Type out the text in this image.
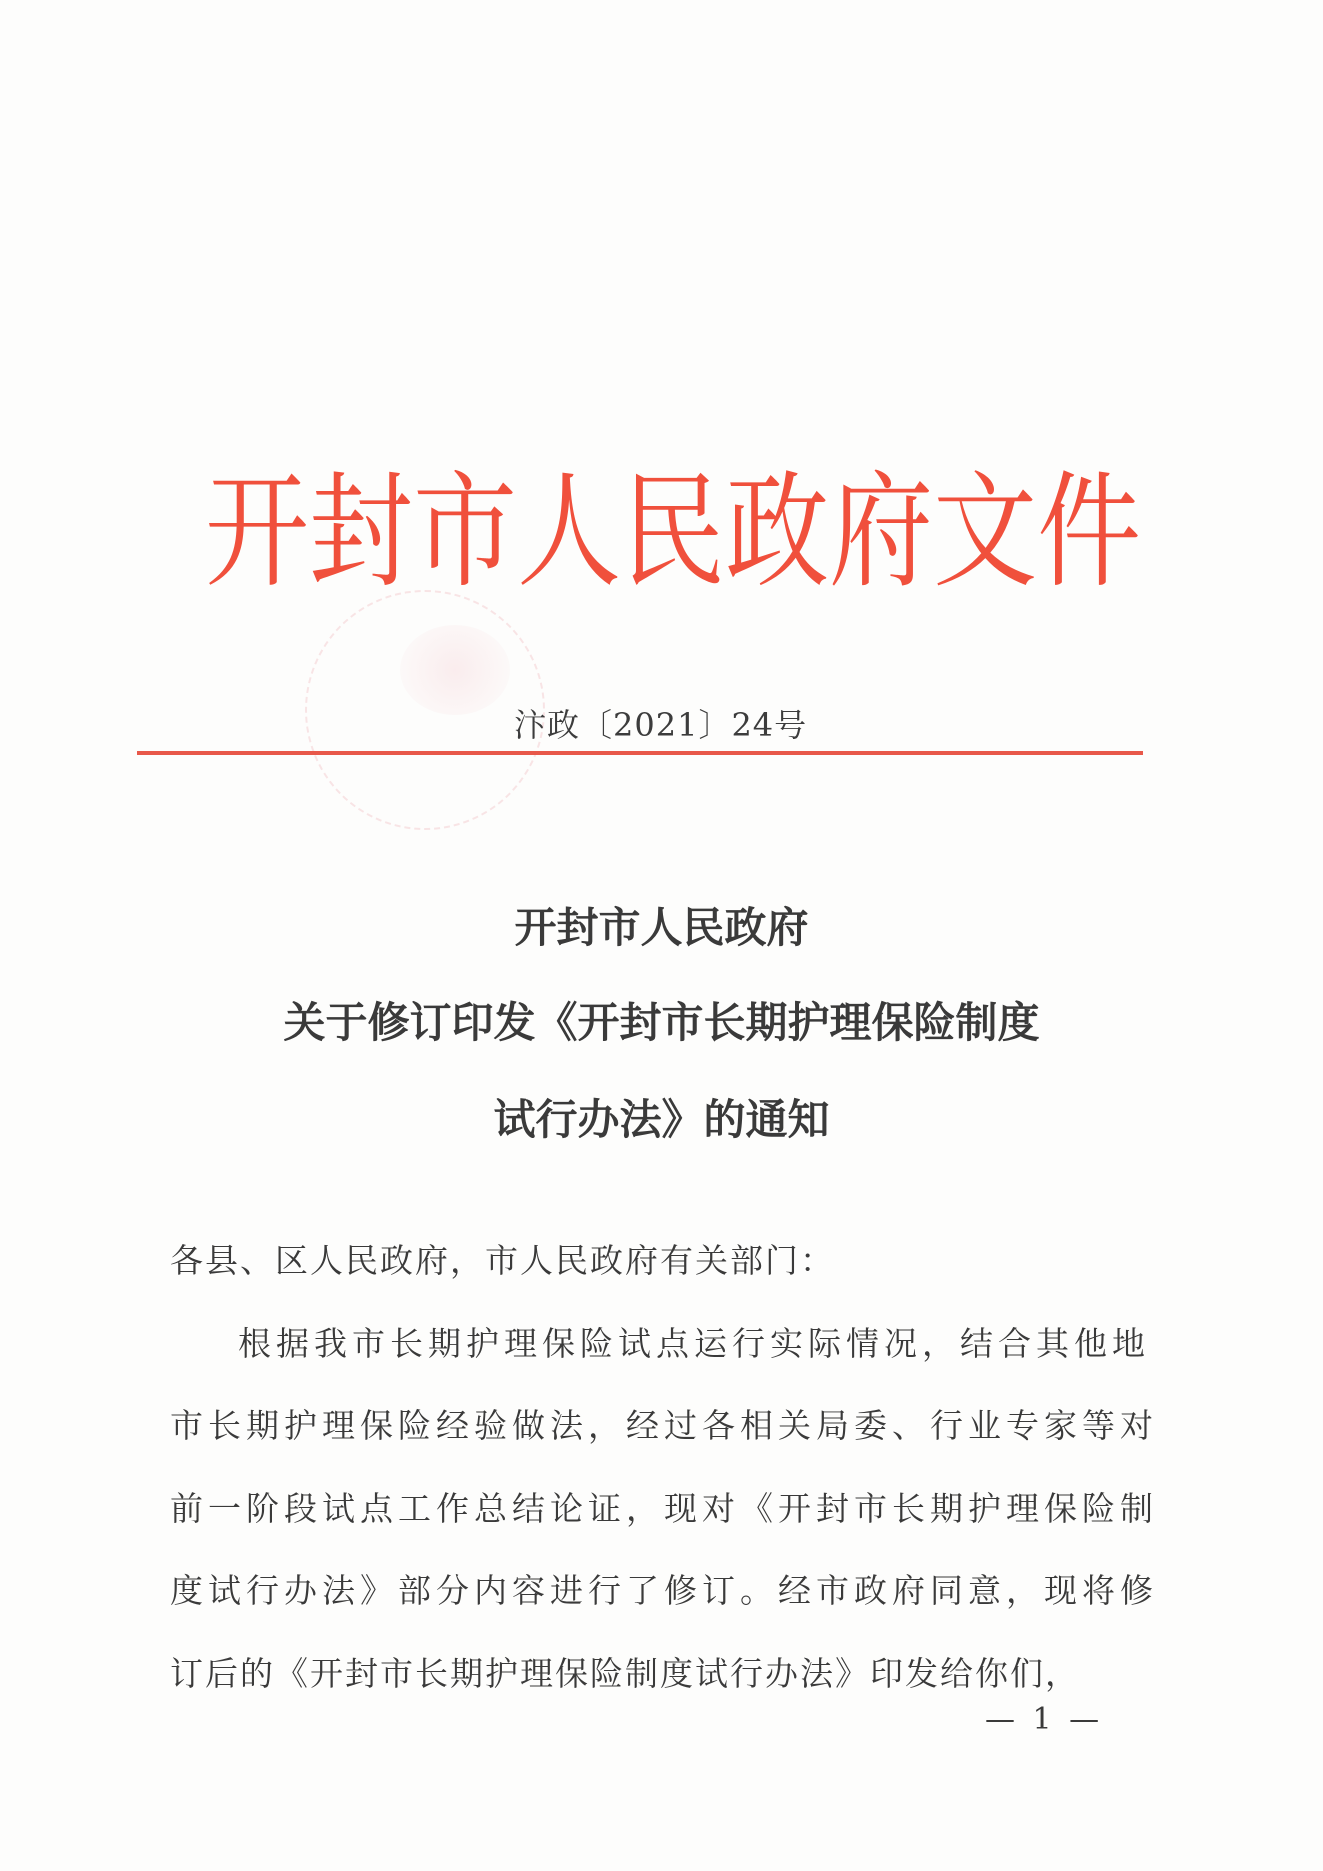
开 封 市 人 民 政 府 文 件
汴政〔2021〕24号
开封市人民政府
关于修订印发《开封市长期护理保险制度
试行办法》的通知
各县、区人民政府，市人民政府有关部门：
根据我市长期护理保险试点运行实际情况，结合其他地
市长期护理保险经验做法，经过各相关局委、行业专家等对
前一阶段试点工作总结论证，现对《开封市长期护理保险制
度试行办法》部分内容进行了修订。经市政府同意，现将修
订后的《开封市长期护理保险制度试行办法》印发给你们，
— 1 —
